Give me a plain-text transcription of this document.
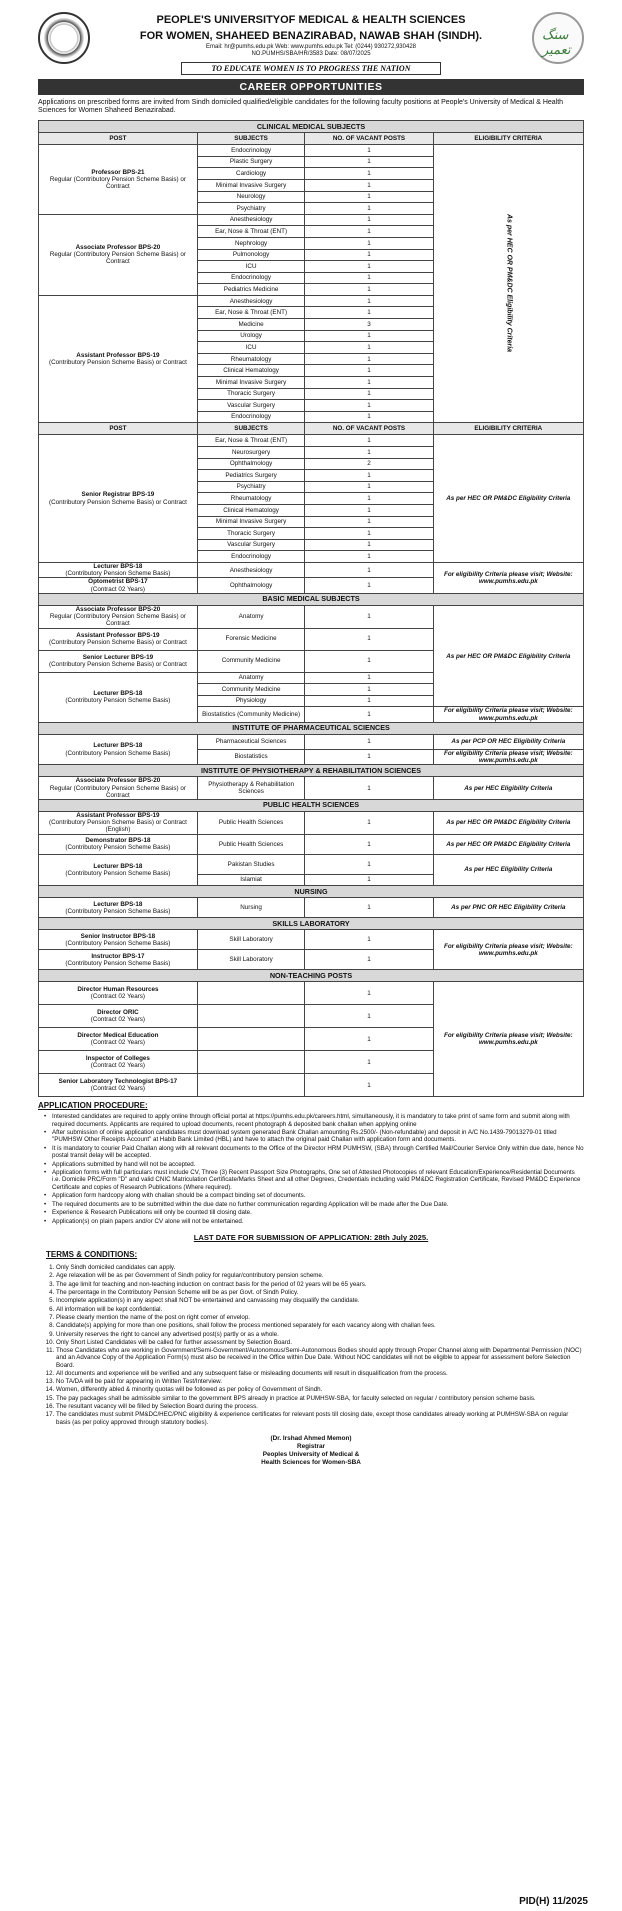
سنگ تعمیر
PEOPLE'S UNIVERSITYOF MEDICAL & HEALTH SCIENCES
FOR WOMEN, SHAHEED BENAZIRABAD, NAWAB SHAH (SINDH).
Email: hr@pumhs.edu.pk Web: www.pumhs.edu.pk Tel: (0244) 930272,930428
NO.PUMHS/SBA/HR/3583 Date: 08/07/2025
TO EDUCATE WOMEN IS TO PROGRESS THE NATION
CAREER OPPORTUNITIES
Applications on prescribed forms are invited from Sindh domiciled qualified/eligible candidates for the following faculty positions at People's University of Medical & Health Sciences for Women Shaheed Benazirabad.
CLINICAL MEDICAL SUBJECTS			
POST	SUBJECTS	NO. OF VACANT POSTS	ELIGIBILITY CRITERIA
Professor BPS-21
Regular (Contributory Pension Scheme Basis) or Contract	Endocrinology	1	As per HEC OR PM&DC Eligibility Criteria
	Plastic Surgery	1	
	Cardiology	1	
	Minimal Invasive Surgery	1	
	Neurology	1	
	Psychiatry	1	
Associate Professor BPS-20
Regular (Contributory Pension Scheme Basis) or Contract	Anesthesiology	1	
	Ear, Nose & Throat (ENT)	1	
	Nephrology	1	
	Pulmonology	1	
	ICU	1	
	Endocrinology	1	
	Pediatrics Medicine	1	
Assistant Professor BPS-19
(Contributory Pension Scheme Basis) or Contract	Anesthesiology	1	
	Ear, Nose & Throat (ENT)	1	
	Medicine	3	
	Urology	1	
	ICU	1	
	Rheumatology	1	
	Clinical Hematology	1	
	Minimal Invasive Surgery	1	
	Thoracic Surgery	1	
	Vascular Surgery	1	
	Endocrinology	1	
POST	SUBJECTS	NO. OF VACANT POSTS	ELIGIBILITY CRITERIA
Senior Registrar BPS-19
(Contributory Pension Scheme Basis) or Contract	Ear, Nose & Throat (ENT)	1	As per HEC OR PM&DC Eligibility Criteria
	Neurosurgery	1	
	Ophthalmology	2	
	Pediatrics Surgery	1	
	Psychiatry	1	
	Rheumatology	1	
	Clinical Hematology	1	
	Minimal Invasive Surgery	1	
	Thoracic Surgery	1	
	Vascular Surgery	1	
	Endocrinology	1	
Lecturer BPS-18
(Contributory Pension Scheme Basis)	Anesthesiology	1	For eligibility Criteria please visit; Website: www.pumhs.edu.pk
Optometrist BPS-17
(Contract 02 Years)	Ophthalmology	1	
BASIC MEDICAL SUBJECTS			
Associate Professor BPS-20
Regular (Contributory Pension Scheme Basis) or Contract	Anatomy	1	As per HEC OR PM&DC Eligibility Criteria
Assistant Professor BPS-19
(Contributory Pension Scheme Basis) or Contract	Forensic Medicine	1	
Senior Lecturer BPS-19
(Contributory Pension Scheme Basis) or Contract	Community Medicine	1	
Lecturer BPS-18
(Contributory Pension Scheme Basis)	Anatomy	1	
	Community Medicine	1	
	Physiology	1	
	Biostatistics (Community Medicine)	1	For eligibility Criteria please visit; Website: www.pumhs.edu.pk
INSTITUTE OF PHARMACEUTICAL SCIENCES			
Lecturer BPS-18
(Contributory Pension Scheme Basis)	Pharmaceutical Sciences	1	As per PCP OR HEC Eligibility Criteria
	Biostatistics	1	For eligibility Criteria please visit; Website: www.pumhs.edu.pk
INSTITUTE OF PHYSIOTHERAPY & REHABILITATION SCIENCES			
Associate Professor BPS-20
Regular (Contributory Pension Scheme Basis) or Contract	Physiotherapy & Rehabilitation Sciences	1	As per HEC Eligibility Criteria
PUBLIC HEALTH SCIENCES			
Assistant Professor BPS-19
(Contributory Pension Scheme Basis) or Contract (English)	Public Health Sciences	1	As per HEC OR PM&DC Eligibility Criteria
Demonstrator BPS-18
(Contributory Pension Scheme Basis)	Public Health Sciences	1	As per HEC OR PM&DC Eligibility Criteria
Lecturer BPS-18
(Contributory Pension Scheme Basis)	Pakistan Studies	1	As per HEC Eligibility Criteria
	Islamiat	1	
NURSING			
Lecturer BPS-18
(Contributory Pension Scheme Basis)	Nursing	1	As per PNC OR HEC Eligibility Criteria
SKILLS LABORATORY			
Senior Instructor BPS-18
(Contributory Pension Scheme Basis)	Skill Laboratory	1	For eligibility Criteria please visit; Website: www.pumhs.edu.pk
Instructor BPS-17
(Contributory Pension Scheme Basis)	Skill Laboratory	1	
NON-TEACHING POSTS			
Director Human Resources
(Contract 02 Years)		1	For eligibility Criteria please visit; Website: www.pumhs.edu.pk
Director ORIC
(Contract 02 Years)		1	
Director Medical Education
(Contract 02 Years)		1	
Inspector of Colleges
(Contract 02 Years)		1	
Senior Laboratory Technologist BPS-17
(Contract 02 Years)		1	
APPLICATION PROCEDURE:
• Interested candidates are required to apply online through official portal at https://pumhs.edu.pk/careers.html, simultaneously, it is mandatory to take print of same form and submit along with required documents. Applicants are required to upload documents, recent photograph & deposited bank challan when applying online
• After submission of online application candidates must download system generated Bank Challan amounting Rs.2500/- (Non-refundable) and deposit in A/C No.1439-79013279-01 titled "PUMHSW Other Receipts Account" at Habib Bank Limited (HBL) and have to attach the original paid Challan with application form and documents.
• It is mandatory to courier Paid Challan along with all relevant documents to the Office of the Director HRM PUMHSW, (SBA) through Certified Mail/Courier Service Only within due date, hence No postal transit delay will be accepted.
• Applications submitted by hand will not be accepted.
• Application forms with full particulars must include CV, Three (3) Recent Passport Size Photographs, One set of Attested Photocopies of relevant Education/Experience/Residential Documents i.e. Domicile PRC/Form "D" and valid CNIC Matriculation Certificate/Marks Sheet and all other Degrees, Credentials including valid PM&DC Registration Certificate, Revised PM&DC Experience Certificate and copies of Research Publications (Where required).
• Application form hardcopy along with challan should be a compact binding set of documents.
• The required documents are to be submitted within the due date no further communication regarding Application will be made after the Due Date.
• Experience & Research Publications will only be counted till closing date.
• Application(s) on plain papers and/or CV alone will not be entertained.
LAST DATE FOR SUBMISSION OF APPLICATION: 28th July 2025.
TERMS & CONDITIONS:
1. Only Sindh domiciled candidates can apply.
2. Age relaxation will be as per Government of Sindh policy for regular/contributory pension scheme.
3. The age limit for teaching and non-teaching induction on contract basis for the period of 02 years will be 65 years.
4. The percentage in the Contributory Pension Scheme will be as per Govt. of Sindh Policy.
5. Incomplete application(s) in any aspect shall NOT be entertained and canvassing may disqualify the candidate.
6. All information will be kept confidential.
7. Please clearly mention the name of the post on right corner of envelop.
8. Candidate(s) applying for more than one positions, shall follow the process mentioned separately for each vacancy along with challan fees.
9. University reserves the right to cancel any advertised post(s) partly or as a whole.
10. Only Short Listed Candidates will be called for further assessment by Selection Board.
11. Those Candidates who are working in Government/Semi-Government/Autonomous/Semi-Autonomous Bodies should apply through Proper Channel along with Departmental Permission (NOC) and an Advance Copy of the Application Form(s) must also be received in the Office within Due Date. Without NOC candidates will not be eligible to appear for assessment before Selection Board.
12. All documents and experience will be verified and any subsequent false or misleading documents will result in disqualification from the process.
13. No TA/DA will be paid for appearing in Written Test/Interview.
14. Women, differently abled & minority quotas will be followed as per policy of Government of Sindh.
15. The pay packages shall be admissible similar to the government BPS already in practice at PUMHSW-SBA, for faculty selected on regular / contributory pension scheme basis.
16. The resultant vacancy will be filled by Selection Board during the process.
17. The candidates must submit PM&DC/HEC/PNC eligibility & experience certificates for relevant posts till closing date, except those candidates already working at PUMHSW-SBA on regular basis (as per policy approved through statutory bodies).
(Dr. Irshad Ahmed Memon)
Registrar
Peoples University of Medical &
Health Sciences for Women-SBA
PID(H) 11/2025
